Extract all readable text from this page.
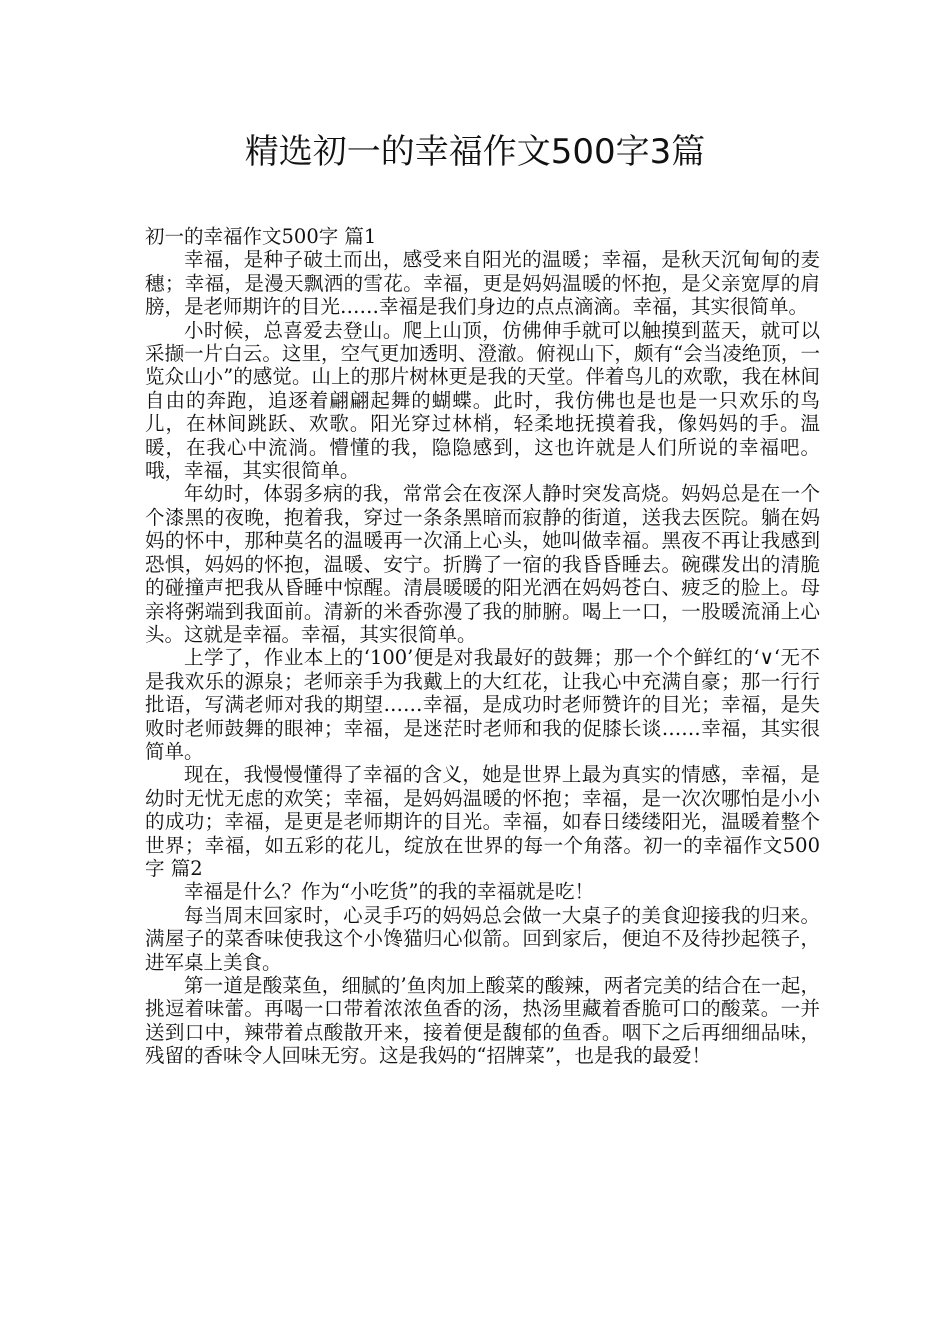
精选初一的幸福作文500字3篇

初一的幸福作文500字 篇1

幸福，是种子破土而出，感受来自阳光的温暖；幸福，是秋天沉甸甸的麦穗；幸福，是漫天飘洒的雪花。幸福，更是妈妈温暖的怀抱，是父亲宽厚的肩膀，是老师期许的目光……幸福是我们身边的点点滴滴。幸福，其实很简单。

小时候，总喜爱去登山。爬上山顶，仿佛伸手就可以触摸到蓝天，就可以采撷一片白云。这里，空气更加透明、澄澈。俯视山下，颇有“会当凌绝顶，一览众山小”的感觉。山上的那片树林更是我的天堂。伴着鸟儿的欢歌，我在林间自由的奔跑，追逐着翩翩起舞的蝴蝶。此时，我仿佛也是也是一只欢乐的鸟儿，在林间跳跃、欢歌。阳光穿过林梢，轻柔地抚摸着我，像妈妈的手。温暖，在我心中流淌。懵懂的我，隐隐感到，这也许就是人们所说的幸福吧。哦，幸福，其实很简单。

年幼时，体弱多病的我，常常会在夜深人静时突发高烧。妈妈总是在一个个漆黑的夜晚，抱着我，穿过一条条黑暗而寂静的街道，送我去医院。躺在妈妈的怀中，那种莫名的温暖再一次涌上心头，她叫做幸福。黑夜不再让我感到恐惧，妈妈的怀抱，温暖、安宁。折腾了一宿的我昏昏睡去。碗碟发出的清脆的碰撞声把我从昏睡中惊醒。清晨暖暖的阳光洒在妈妈苍白、疲乏的脸上。母亲将粥端到我面前。清新的米香弥漫了我的肺腑。喝上一口，一股暖流涌上心头。这就是幸福。幸福，其实很简单。

上学了，作业本上的‘100’便是对我最好的鼓舞；那一个个鲜红的‘∨‘无不是我欢乐的源泉；老师亲手为我戴上的大红花，让我心中充满自豪；那一行行批语，写满老师对我的期望……幸福，是成功时老师赞许的目光；幸福，是失败时老师鼓舞的眼神；幸福，是迷茫时老师和我的促膝长谈……幸福，其实很简单。

现在，我慢慢懂得了幸福的含义，她是世界上最为真实的情感，幸福，是幼时无忧无虑的欢笑；幸福，是妈妈温暖的怀抱；幸福，是一次次哪怕是小小的成功；幸福，是更是老师期许的目光。幸福，如春日缕缕阳光，温暖着整个世界；幸福，如五彩的花儿，绽放在世界的每一个角落。初一的幸福作文500字 篇2

幸福是什么？作为“小吃货”的我的幸福就是吃！

每当周末回家时，心灵手巧的妈妈总会做一大桌子的美食迎接我的归来。满屋子的菜香味使我这个小馋猫归心似箭。回到家后，便迫不及待抄起筷子，进军桌上美食。

第一道是酸菜鱼，细腻的’鱼肉加上酸菜的酸辣，两者完美的结合在一起，挑逗着味蕾。再喝一口带着浓浓鱼香的汤，热汤里藏着香脆可口的酸菜。一并送到口中，辣带着点酸散开来，接着便是馥郁的鱼香。咽下之后再细细品味，残留的香味令人回味无穷。这是我妈的“招牌菜”，也是我的最爱！
